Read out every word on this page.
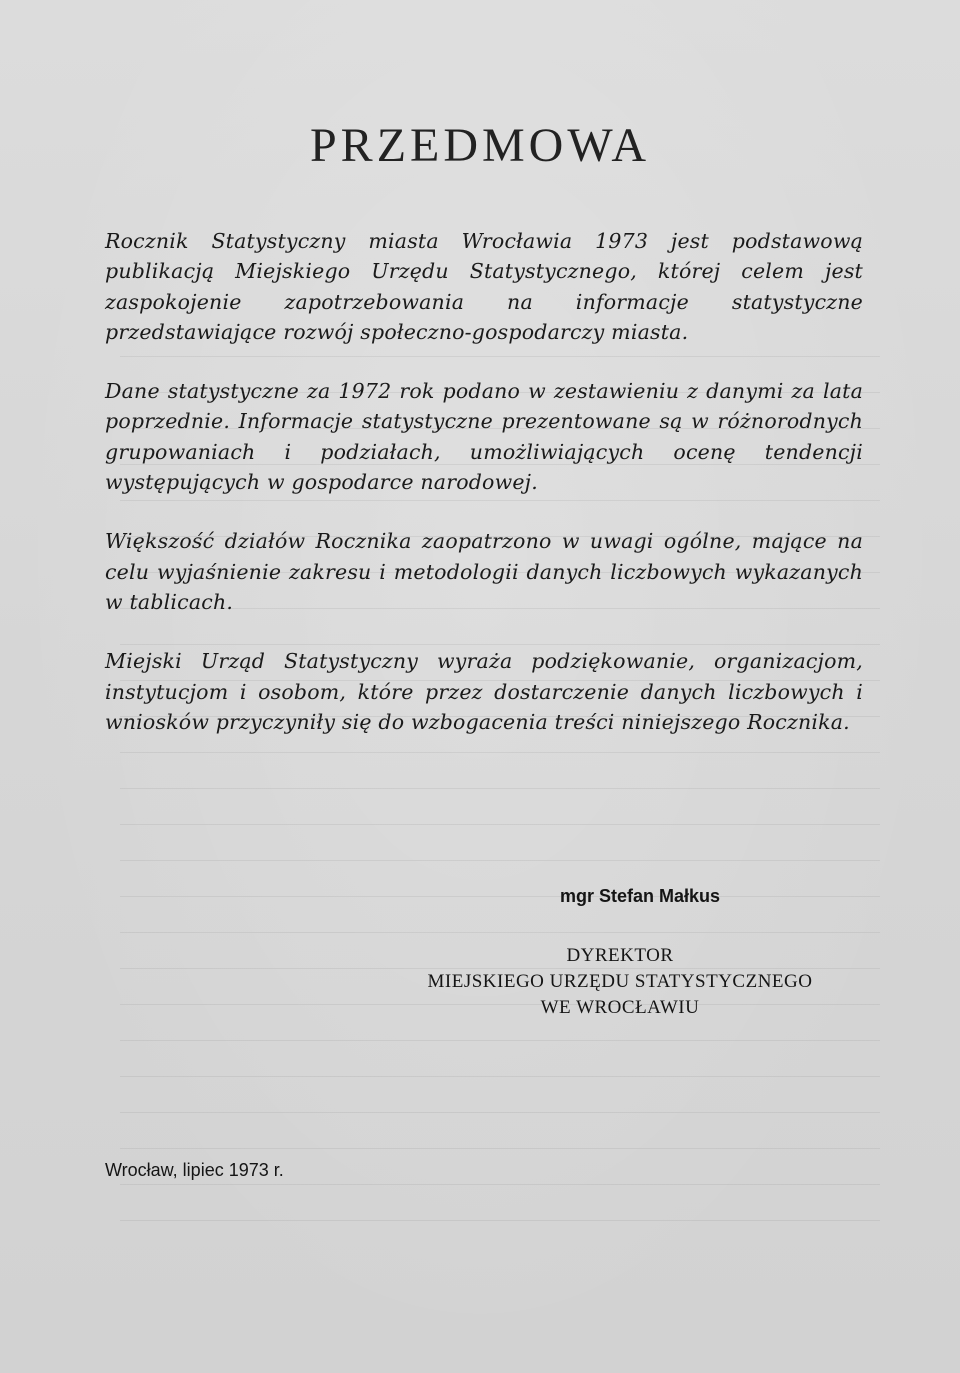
PRZEDMOWA

Rocznik Statystyczny miasta Wrocławia 1973 jest podstawową publikacją Miejskiego Urzędu Statystycznego, której celem jest zaspokojenie zapotrzebowania na informacje statystyczne przedstawiające rozwój społeczno-gospodarczy miasta.

Dane statystyczne za 1972 rok podano w zestawieniu z danymi za lata poprzednie. Informacje statystyczne prezentowane są w różnorodnych grupowaniach i podziałach, umożliwiających ocenę tendencji występujących w gospodarce narodowej.

Większość działów Rocznika zaopatrzono w uwagi ogólne, mające na celu wyjaśnienie zakresu i metodologii danych liczbowych wykazanych w tablicach.

Miejski Urząd Statystyczny wyraża podziękowanie, organizacjom, instytucjom i osobom, które przez dostarczenie danych liczbowych i wniosków przyczyniły się do wzbogacenia treści niniejszego Rocznika.

mgr Stefan Małkus

DYREKTOR

MIEJSKIEGO URZĘDU STATYSTYCZNEGO

WE WROCŁAWIU

Wrocław, lipiec 1973 r.
